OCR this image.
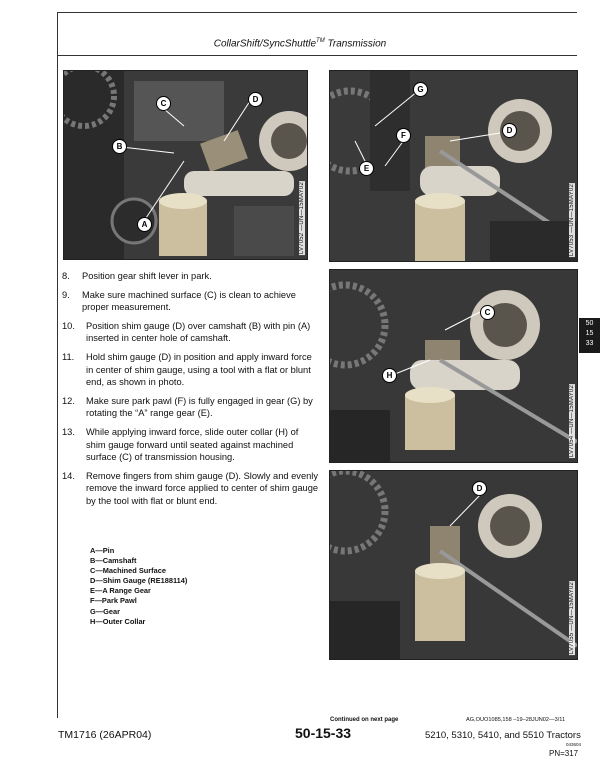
CollarShift/SyncShuttle™ Transmission
C	D
B
A	LV7052 —UN—15MAY02
G
D
F
E
LV7053 —UN—15MAY02
C
H
LV7054 —UN—15MAY02
D
LV7055 —UN—15MAY02
8.	Position gear shift lever in park.
9.	Make sure machined surface (C) is clean to achieve proper measurement.
10.	Position shim gauge (D) over camshaft (B) with pin (A) inserted in center hole of camshaft.
11.	Hold shim gauge (D) in position and apply inward force in center of shim gauge, using a tool with a flat or blunt end, as shown in photo.
12.	Make sure park pawl (F) is fully engaged in gear (G) by rotating the “A” range gear (E).
13.	While applying inward force, slide outer collar (H) of shim gauge forward until seated against machined surface (C) of transmission housing.
14.	Remove fingers from shim gauge (D). Slowly and evenly remove the inward force applied to center of shim gauge by the tool with flat or blunt end.
A—Pin
B—Camshaft
C—Machined Surface
D—Shim Gauge (RE188114)
E—A Range Gear
F—Park Pawl
G—Gear
H—Outer Collar
50
15
33
Continued on next page	AG,OUO1085,158 –19–28JUN02—3/11
TM1716 (26APR04)	50-15-33	5210, 5310, 5410, and 5510 Tractors
043604
PN=317
